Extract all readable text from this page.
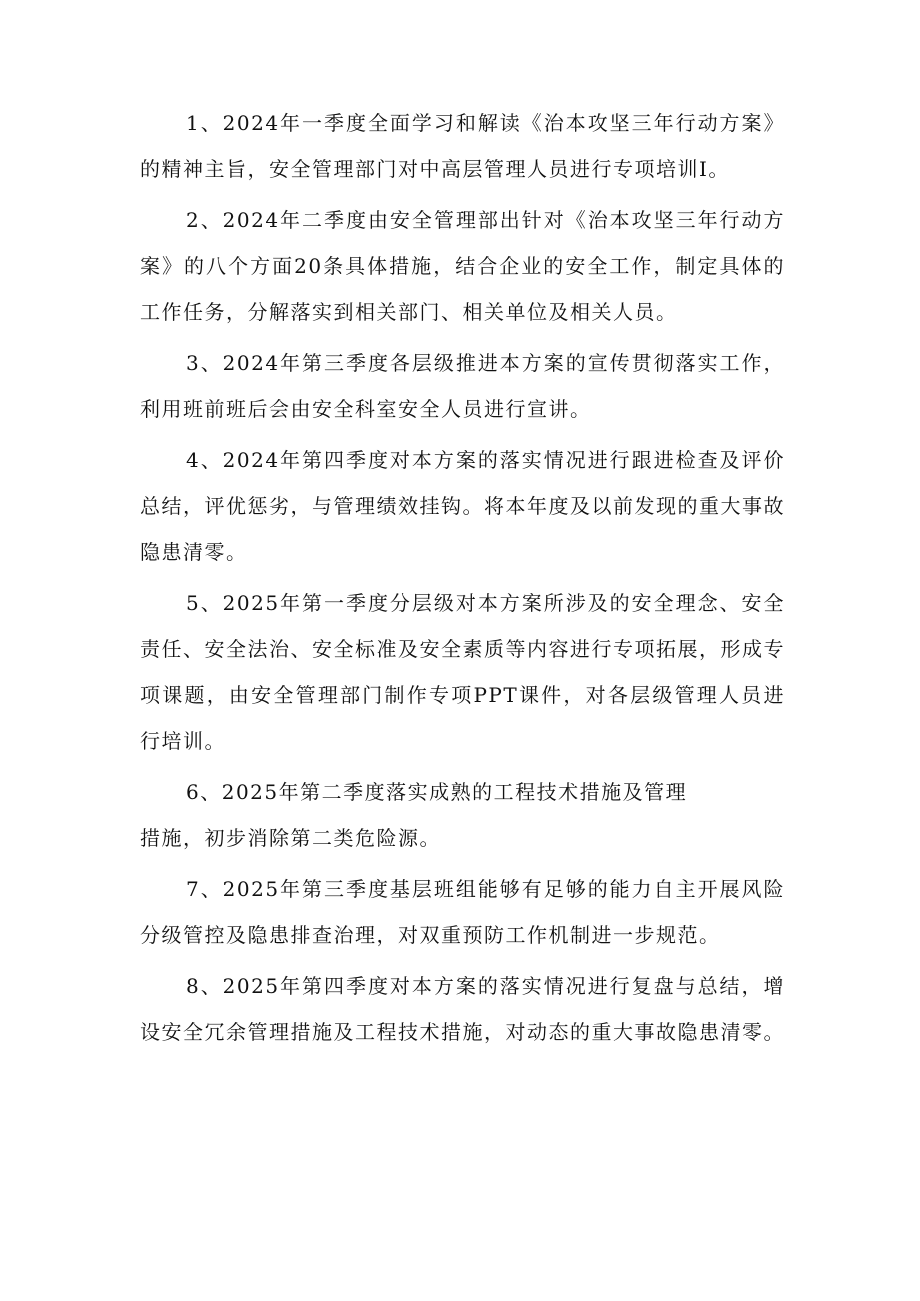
1、2024年一季度全面学习和解读《治本攻坚三年行动方案》的精神主旨，安全管理部门对中高层管理人员进行专项培训I。

2、2024年二季度由安全管理部出针对《治本攻坚三年行动方案》的八个方面20条具体措施，结合企业的安全工作，制定具体的工作任务，分解落实到相关部门、相关单位及相关人员。

3、2024年第三季度各层级推进本方案的宣传贯彻落实工作，利用班前班后会由安全科室安全人员进行宣讲。

4、2024年第四季度对本方案的落实情况进行跟进检查及评价总结，评优惩劣，与管理绩效挂钩。将本年度及以前发现的重大事故隐患清零。

5、2025年第一季度分层级对本方案所涉及的安全理念、安全责任、安全法治、安全标准及安全素质等内容进行专项拓展，形成专项课题，由安全管理部门制作专项PPT课件，对各层级管理人员进行培训。

6、2025年第二季度落实成熟的工程技术措施及管理

措施，初步消除第二类危险源。

7、2025年第三季度基层班组能够有足够的能力自主开展风险分级管控及隐患排查治理，对双重预防工作机制进一步规范。

8、2025年第四季度对本方案的落实情况进行复盘与总结，增设安全冗余管理措施及工程技术措施，对动态的重大事故隐患清零。
